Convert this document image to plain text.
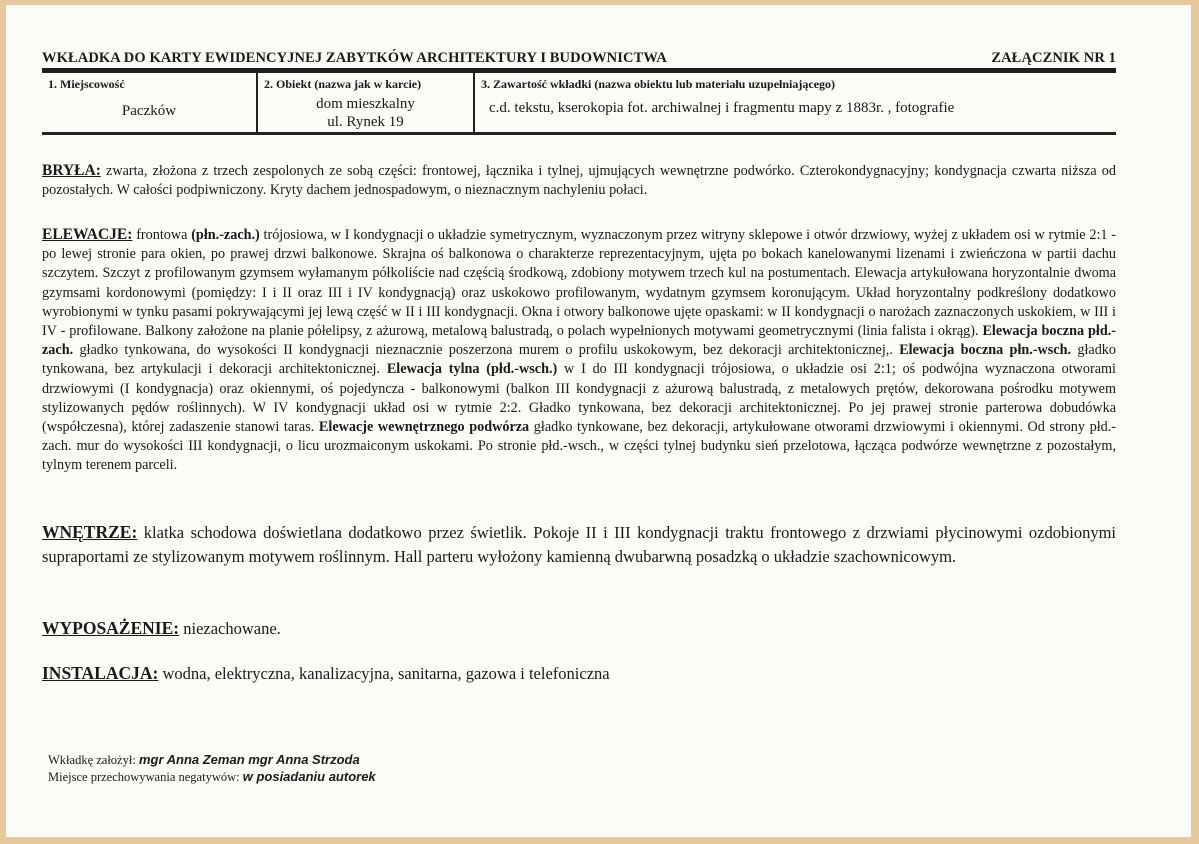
WKŁADKA DO KARTY EWIDENCYJNEJ ZABYTKÓW ARCHITEKTURY I BUDOWNICTWA	ZAŁĄCZNIK NR 1
1. Miejscowość
Paczków
2. Obiekt (nazwa jak w karcie)
dom mieszkalny
ul. Rynek 19
3. Zawartość wkładki (nazwa obiektu lub materiału uzupełniającego)
c.d. tekstu, kserokopia fot. archiwalnej i fragmentu mapy z 1883r. , fotografie
BRYŁA: zwarta, złożona z trzech zespolonych ze sobą części: frontowej, łącznika i tylnej, ujmujących wewnętrzne podwórko. Czterokondygnacyjny; kondygnacja czwarta niższa od pozostałych. W całości podpiwniczony. Kryty dachem jednospadowym, o nieznacznym nachyleniu połaci.
ELEWACJE: frontowa (płn.-zach.) trójosiowa, w I kondygnacji o układzie symetrycznym, wyznaczonym przez witryny sklepowe i otwór drzwiowy, wyżej z układem osi w rytmie 2:1 - po lewej stronie para okien, po prawej drzwi balkonowe. Skrajna oś balkonowa o charakterze reprezentacyjnym, ujęta po bokach kanelowanymi lizenami i zwieńczona w partii dachu szczytem. Szczyt z profilowanym gzymsem wyłamanym półkoliście nad częścią środkową, zdobiony motywem trzech kul na postumentach. Elewacja artykułowana horyzontalnie dwoma gzymsami kordonowymi (pomiędzy: I i II oraz III i IV kondygnacją) oraz uskokowo profilowanym, wydatnym gzymsem koronującym. Układ horyzontalny podkreślony dodatkowo wyrobionymi w tynku pasami pokrywającymi jej lewą część w II i III kondygnacji. Okna i otwory balkonowe ujęte opaskami: w II kondygnacji o narożach zaznaczonych uskokiem, w III i IV - profilowane. Balkony założone na planie półelipsy, z ażurową, metalową balustradą, o polach wypełnionych motywami geometrycznymi (linia falista i okrąg). Elewacja boczna płd.-zach. gładko tynkowana, do wysokości II kondygnacji nieznacznie poszerzona murem o profilu uskokowym, bez dekoracji architektonicznej,. Elewacja boczna płn.-wsch. gładko tynkowana, bez artykulacji i dekoracji architektonicznej. Elewacja tylna (płd.-wsch.) w I do III kondygnacji trójosiowa, o układzie osi 2:1; oś podwójna wyznaczona otworami drzwiowymi (I kondygnacja) oraz okiennymi, oś pojedyncza - balkonowymi (balkon III kondygnacji z ażurową balustradą, z metalowych prętów, dekorowana pośrodku motywem stylizowanych pędów roślinnych). W IV kondygnacji układ osi w rytmie 2:2. Gładko tynkowana, bez dekoracji architektonicznej. Po jej prawej stronie parterowa dobudówka (współczesna), której zadaszenie stanowi taras. Elewacje wewnętrznego podwórza gładko tynkowane, bez dekoracji, artykułowane otworami drzwiowymi i okiennymi. Od strony płd.-zach. mur do wysokości III kondygnacji, o licu urozmaiconym uskokami. Po stronie płd.-wsch., w części tylnej budynku sień przelotowa, łącząca podwórze wewnętrzne z pozostałym, tylnym terenem parceli.
WNĘTRZE: klatka schodowa doświetlana dodatkowo przez świetlik. Pokoje II i III kondygnacji traktu frontowego z drzwiami płycinowymi ozdobionymi supraportami ze stylizowanym motywem roślinnym. Hall parteru wyłożony kamienną dwubarwną posadzką o układzie szachownicowym.
WYPOSAŻENIE: niezachowane.
INSTALACJA: wodna, elektryczna, kanalizacyjna, sanitarna, gazowa i telefoniczna
Wkładkę założył: mgr Anna Zeman mgr Anna Strzoda
Miejsce przechowywania negatywów: w posiadaniu autorek
